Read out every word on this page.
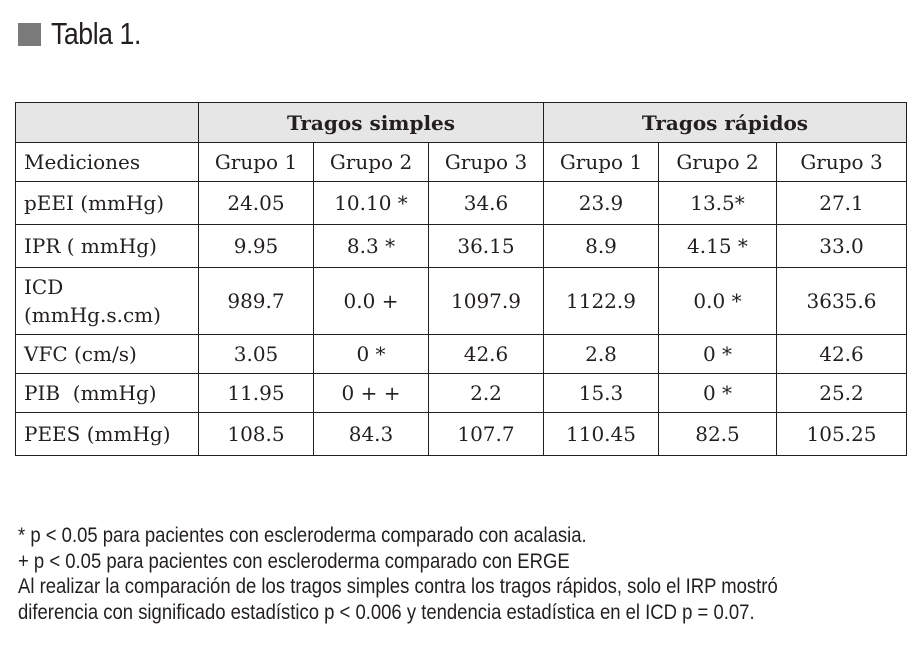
Tabla 1.
	Tragos simples			Tragos rápidos		
Mediciones	Grupo 1	Grupo 2	Grupo 3	Grupo 1	Grupo 2	Grupo 3
pEEI (mmHg)	24.05	10.10 *	34.6	23.9	13.5*	27.1
IPR ( mmHg)	9.95	8.3 *	36.15	8.9	4.15 *	33.0

ICD
(mmHg.s.cm)	989.7	0.0 +	1097.9	1122.9	0.0 *	3635.6
VFC (cm/s)	3.05	0 *	42.6	2.8	0 *	42.6
PIB  (mmHg)	11.95	0 + +	2.2	15.3	0 *	25.2
PEES (mmHg)	108.5	84.3	107.7	110.45	82.5	105.25
* p < 0.05 para pacientes con escleroderma comparado con acalasia.
+ p < 0.05 para pacientes con escleroderma comparado con ERGE
Al realizar la comparación de los tragos simples contra los tragos rápidos, solo el IRP mostró
diferencia con significado estadístico p < 0.006 y tendencia estadística en el ICD p = 0.07.
